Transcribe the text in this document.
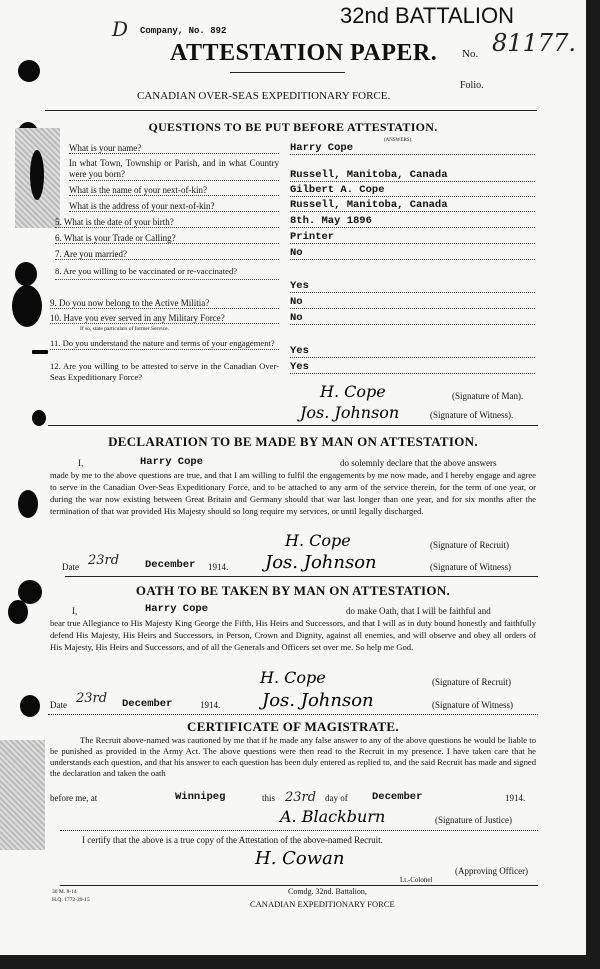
D Company, No. 892
32nd BATTALION
ATTESTATION PAPER. No. 81177.
Folio.
CANADIAN OVER-SEAS EXPEDITIONARY FORCE.
QUESTIONS TO BE PUT BEFORE ATTESTATION.
(ANSWERS).
What is your name?	Harry Cope
In what Town, Township or Parish, and in what Country were you born?	Russell, Manitoba, Canada
What is the name of your next-of-kin?	Gilbert A. Cope
What is the address of your next-of-kin?	Russell, Manitoba, Canada
5. What is the date of your birth?	8th. May 1896
6. What is your Trade or Calling?	Printer
7. Are you married?	No
8. Are you willing to be vaccinated or re-vaccinated?
Yes
9. Do you now belong to the Active Militia?	No
10. Have you ever served in any Military Force?
If so, state particulars of former Service.
No
11. Do you understand the nature and terms of your engagement?
Yes
12. Are you willing to be attested to serve in the Canadian Over-Seas Expeditionary Force?
Yes
H. Cope	(Signature of Man).
Jos. Johnson	(Signature of Witness).
DECLARATION TO BE MADE BY MAN ON ATTESTATION.
I,	Harry Cope	do solemnly declare that the above answers
made by me to the above questions are true, and that I am willing to fulfil the engagements by me now made, and I hereby engage and agree to serve in the Canadian Over-Seas Expeditionary Force, and to be attached to any arm of the service therein, for the term of one year, or during the war now existing between Great Britain and Germany should that war last longer than one year, and for six months after the termination of that war provided His Majesty should so long require my services, or until legally discharged.
H. Cope	(Signature of Recruit)
Date 23rd December 1914. Jos. Johnson	(Signature of Witness)
OATH TO BE TAKEN BY MAN ON ATTESTATION.
I,	Harry Cope	do make Oath, that I will be faithful and
bear true Allegiance to His Majesty King George the Fifth, His Heirs and Successors, and that I will as in duty bound honestly and faithfully defend His Majesty, His Heirs and Successors, in Person, Crown and Dignity, against all enemies, and will observe and obey all orders of His Majesty, His Heirs and Successors, and of all the Generals and Officers set over me. So help me God.
H. Cope	(Signature of Recruit)
Date 23rd December	1914. Jos. Johnson	(Signature of Witness)
CERTIFICATE OF MAGISTRATE.
The Recruit above-named was cautioned by me that if he made any false answer to any of the above questions he would be liable to be punished as provided in the Army Act. The above questions were then read to the Recruit in my presence. I have taken care that he understands each question, and that his answer to each question has been duly entered as replied to, and the said Recruit has made and signed the declaration and taken the oath
before me, at	Winnipeg	this 23rd day of December	1914.
A. Blackburn	(Signature of Justice)
I certify that the above is a true copy of the Attestation of the above-named Recruit.
H. Cowan
(Approving Officer)
Lt.-Colonel
Comdg. 32nd. Battalion,
CANADIAN EXPEDITIONARY FORCE
30 M. 8-14
H.Q. 1772-39-15
